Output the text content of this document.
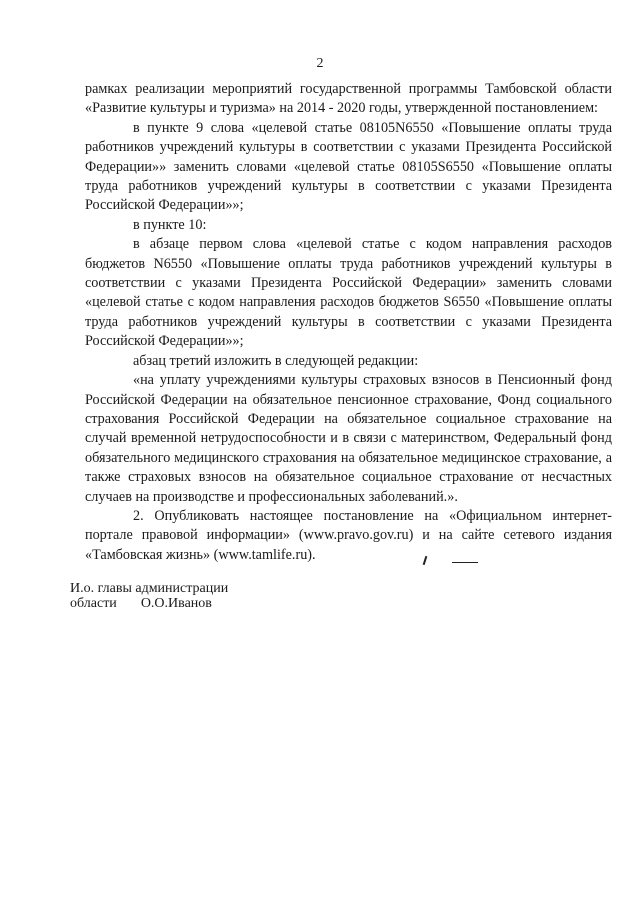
2

рамках реализации мероприятий государственной программы Тамбовской области «Развитие культуры и туризма» на 2014 - 2020 годы, утвержденной постановлением:

в пункте 9 слова «целевой статье 08105N6550 «Повышение оплаты труда работников учреждений культуры в соответствии с указами Президента Российской Федерации»» заменить словами «целевой статье 08105S6550 «Повышение оплаты труда работников учреждений культуры в соответствии с указами Президента Российской Федерации»»;

в пункте 10:

в абзаце первом слова «целевой статье с кодом направления расходов бюджетов N6550 «Повышение оплаты труда работников учреждений культуры в соответствии с указами Президента Российской Федерации» заменить словами «целевой статье с кодом направления расходов бюджетов S6550 «Повышение оплаты труда работников учреждений культуры в соответствии с указами Президента Российской Федерации»»;

абзац третий изложить в следующей редакции:

«на уплату учреждениями культуры страховых взносов в Пенсионный фонд Российской Федерации на обязательное пенсионное страхование, Фонд социального страхования Российской Федерации на обязательное социальное страхование на случай временной нетрудоспособности и в связи с материнством, Федеральный фонд обязательного медицинского страхования на обязательное медицинское страхование, а также страховых взносов на обязательное социальное страхование от несчастных случаев на производстве и профессиональных заболеваний.».

2. Опубликовать настоящее постановление на «Официальном интернет-портале правовой информации» (www.pravo.gov.ru) и на сайте сетевого издания «Тамбовская жизнь» (www.tamlife.ru).

И.о. главы администрации
области О.О.Иванов
